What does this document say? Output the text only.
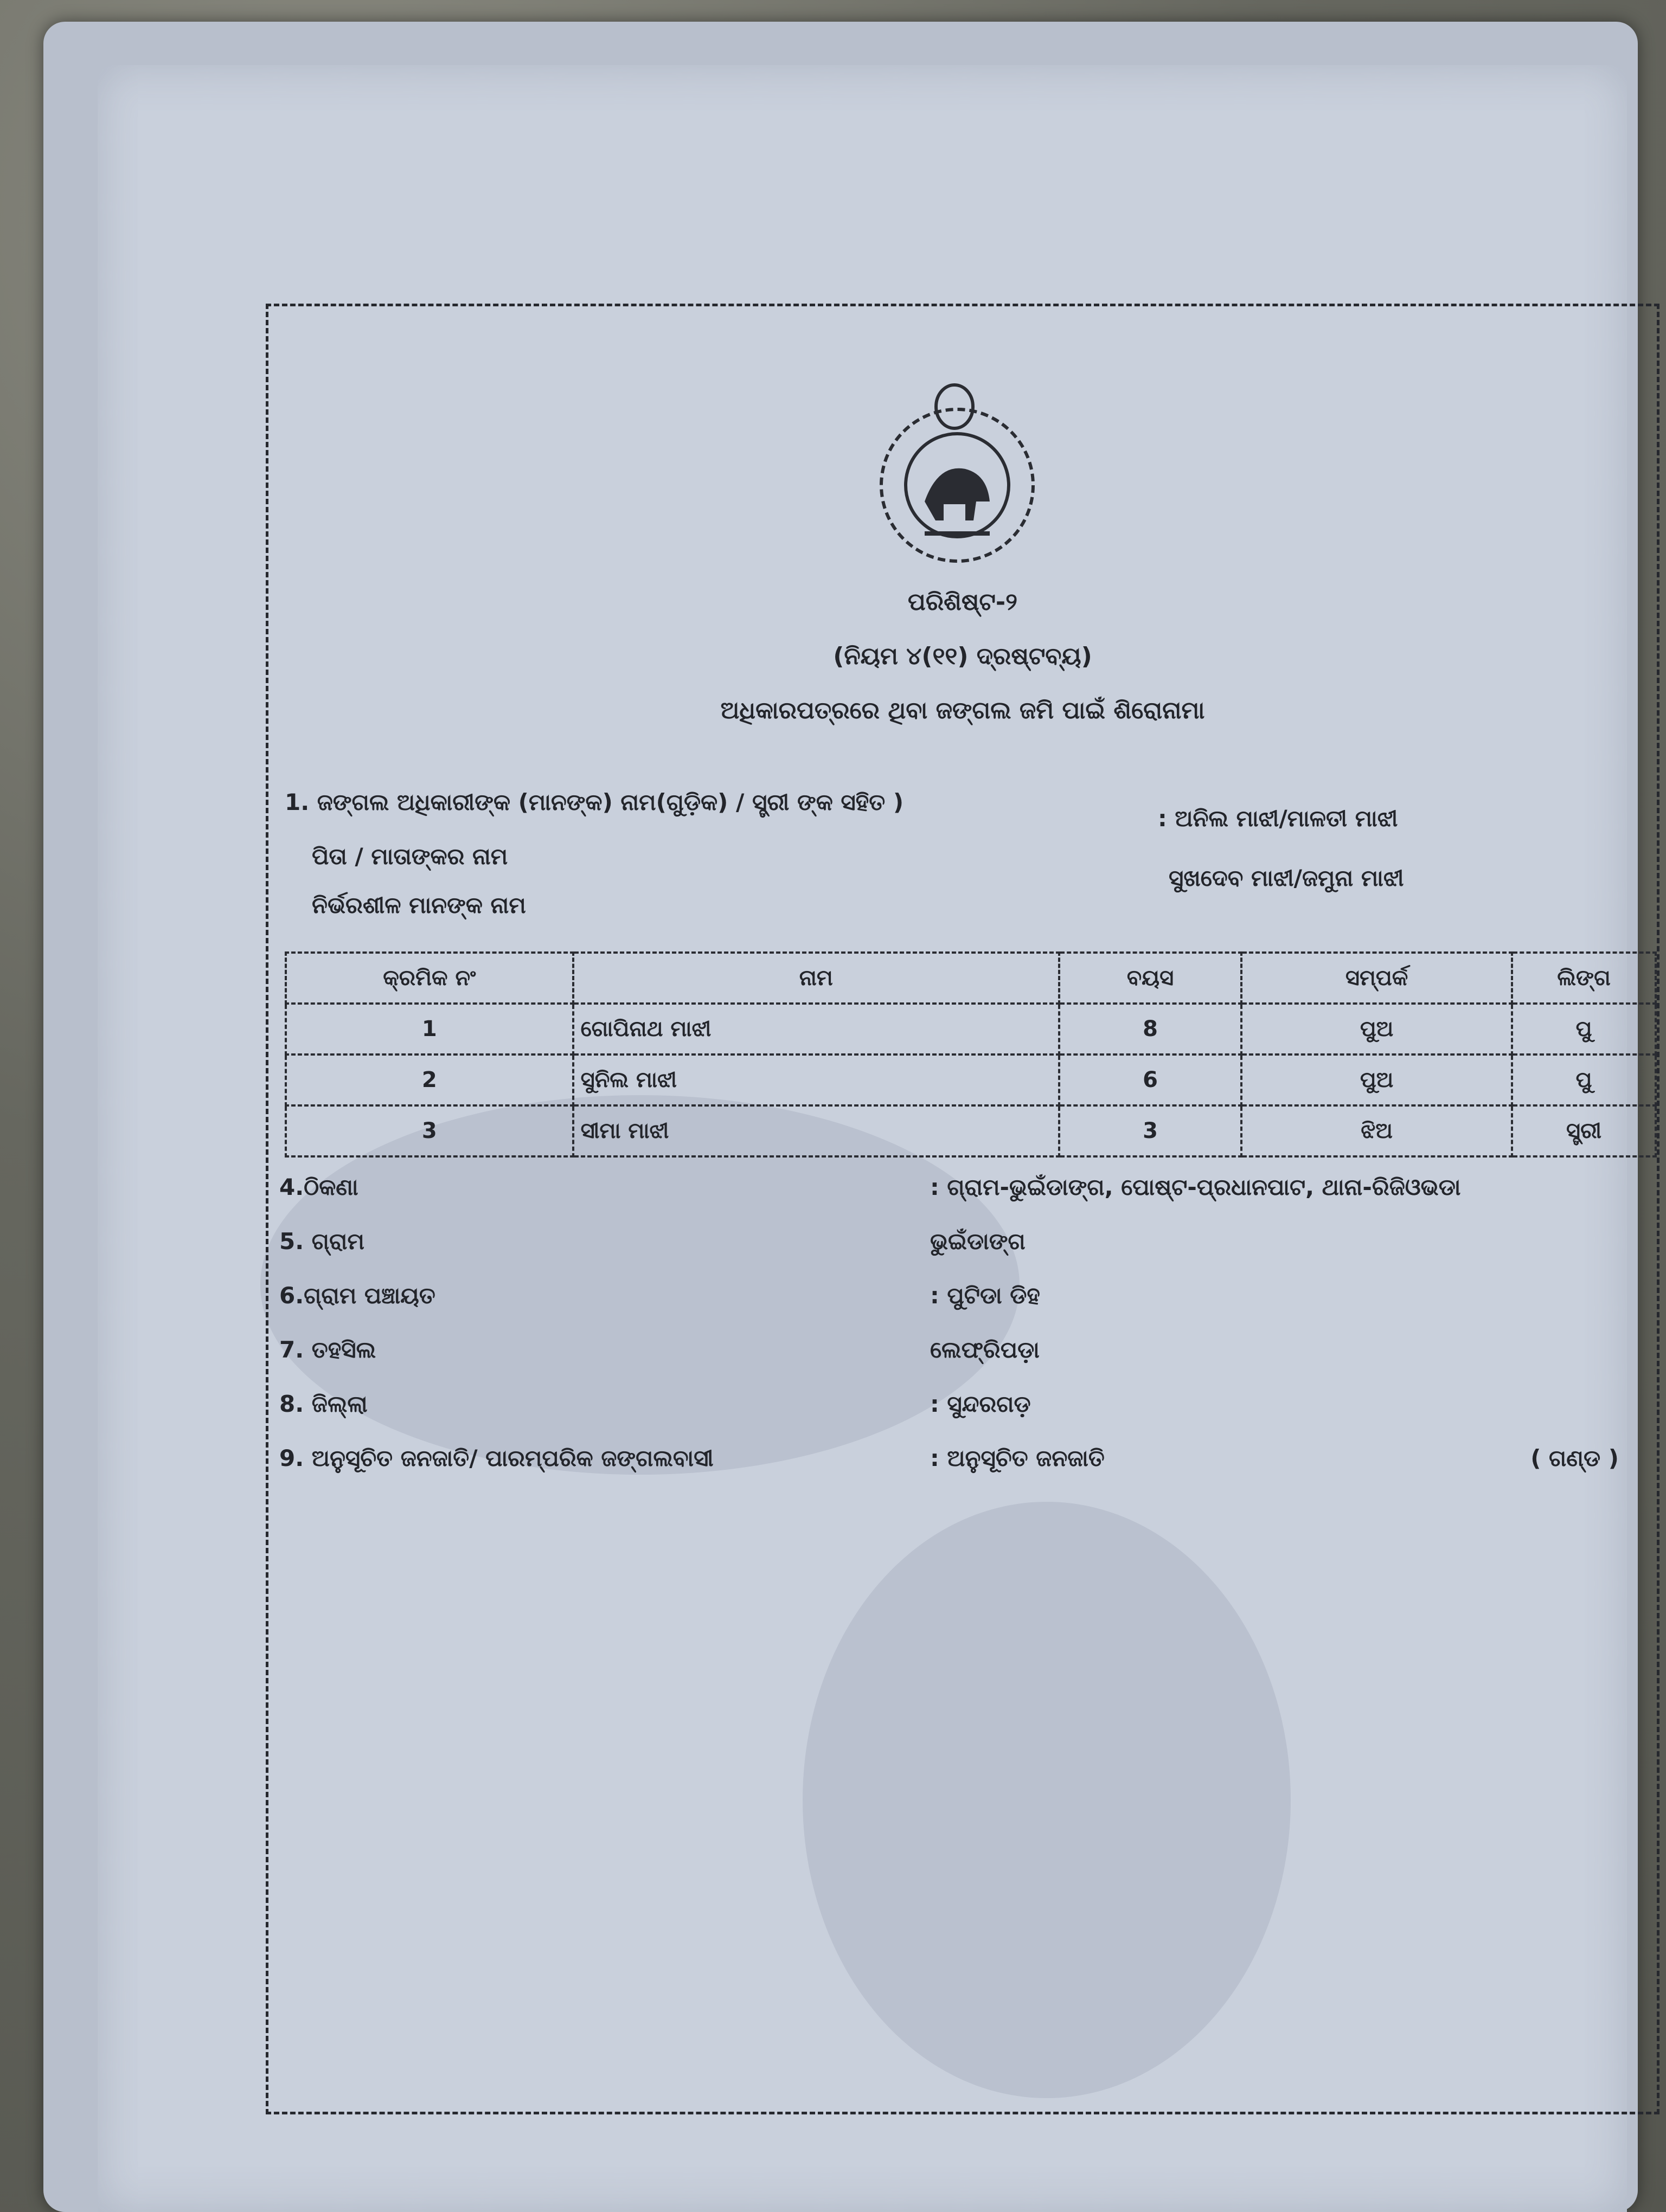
ପରିଶିଷ୍ଟ-୨
(ନିୟମ ୪(୧୧) ଦ୍ରଷ୍ଟବ୍ୟ)
ଅଧିକାରପତ୍ରରେ ଥିବା ଜଙ୍ଗଲ ଜମି ପାଇଁ ଶିରୋନାମା
1. ଜଙ୍ଗଲ ଅଧିକାରୀଙ୍କ (ମାନଙ୍କ) ନାମ(ଗୁଡ଼ିକ) / ସ୍ତ୍ରୀ ଙ୍କ ସହିତ )
: ଅନିଲ ମାଝୀ/ମାଳତୀ ମାଝୀ
ପିତା / ମାତାଙ୍କର ନାମ
ସୁଖଦେବ ମାଝୀ/ଜମୁନା ମାଝୀ
ନିର୍ଭରଶୀଳ ମାନଙ୍କ ନାମ
କ୍ରମିକ ନଂ	ନାମ	ବୟସ	ସମ୍ପର୍କ	ଲିଙ୍ଗ
1	ଗୋପିନାଥ ମାଝୀ	8	ପୁଅ	ପୁ
2	ସୁନିଲ ମାଝୀ	6	ପୁଅ	ପୁ
3	ସୀମା ମାଝୀ	3	ଝିଅ	ସ୍ତ୍ରୀ
4.ଠିକଣା	: ଗ୍ରାମ-ଭୁଇଁଡାଙ୍ଗ, ପୋଷ୍ଟ-ପ୍ରଧାନପାଟ, ଥାନା-ରିଜିଓଭଡା
5. ଗ୍ରାମ	ଭୁଇଁଡାଙ୍ଗ
6.ଗ୍ରାମ ପଞ୍ଚାୟତ	: ପୁଟିଡା ଡିହ
7. ତହସିଲ	ଲେଫ୍ରିପଡ଼ା
8. ଜିଲ୍ଲା	: ସୁନ୍ଦରଗଡ଼
9. ଅନୁସୂଚିତ ଜନଜାତି/ ପାରମ୍ପରିକ ଜଙ୍ଗଲବାସୀ	: ଅନୁସୂଚିତ ଜନଜାତି	( ଗଣ୍ଡ )
